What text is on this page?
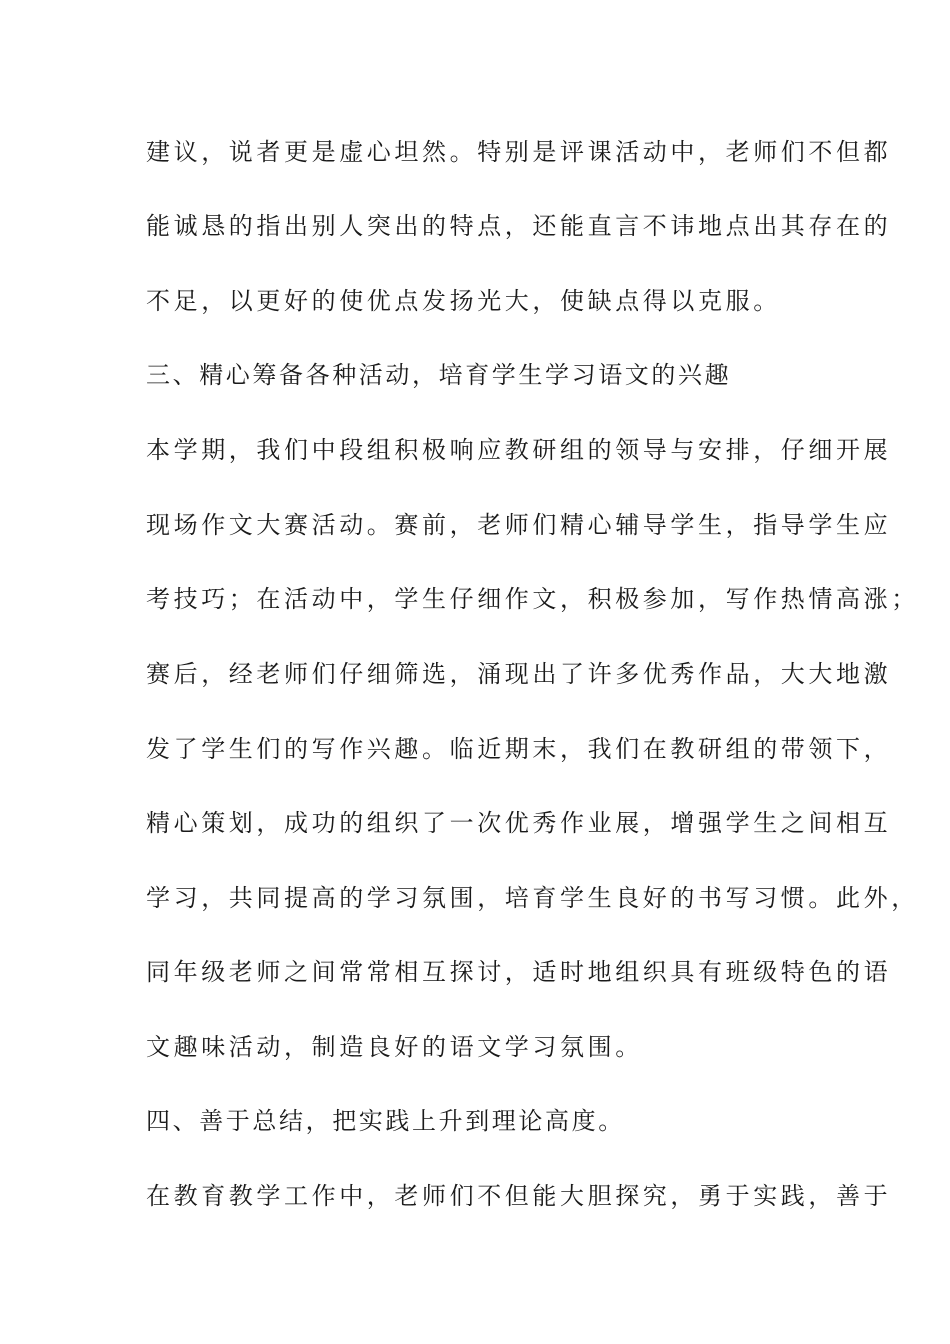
建议，说者更是虚心坦然。特别是评课活动中，老师们不但都
能诚恳的指出别人突出的特点，还能直言不讳地点出其存在的
不足，以更好的使优点发扬光大，使缺点得以克服。
三、精心筹备各种活动，培育学生学习语文的兴趣
本学期，我们中段组积极响应教研组的领导与安排，仔细开展
现场作文大赛活动。赛前，老师们精心辅导学生，指导学生应
考技巧；在活动中，学生仔细作文，积极参加，写作热情高涨；
赛后，经老师们仔细筛选，涌现出了许多优秀作品，大大地激
发了学生们的写作兴趣。临近期末，我们在教研组的带领下，
精心策划，成功的组织了一次优秀作业展，增强学生之间相互
学习，共同提高的学习氛围，培育学生良好的书写习惯。此外，
同年级老师之间常常相互探讨，适时地组织具有班级特色的语
文趣味活动，制造良好的语文学习氛围。
四、善于总结，把实践上升到理论高度。
在教育教学工作中，老师们不但能大胆探究，勇于实践，善于
